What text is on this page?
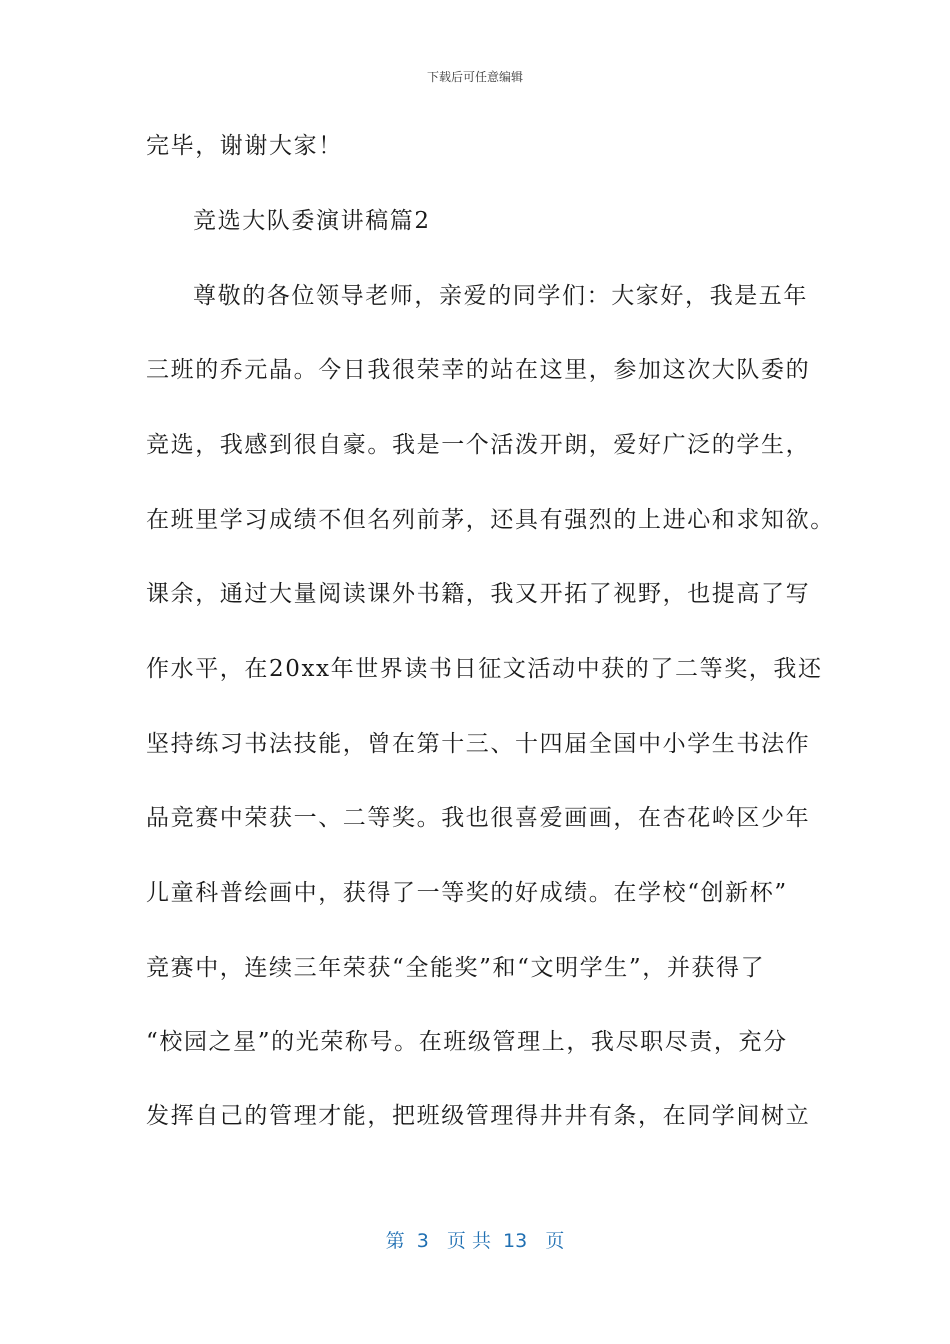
下载后可任意编辑
完毕，谢谢大家！
竞选大队委演讲稿篇2
尊敬的各位领导老师，亲爱的同学们：大家好，我是五年
三班的乔元晶。今日我很荣幸的站在这里，参加这次大队委的
竞选，我感到很自豪。我是一个活泼开朗，爱好广泛的学生，
在班里学习成绩不但名列前茅，还具有强烈的上进心和求知欲。
课余，通过大量阅读课外书籍，我又开拓了视野，也提高了写
作水平，在20xx年世界读书日征文活动中获的了二等奖，我还
坚持练习书法技能，曾在第十三、十四届全国中小学生书法作
品竞赛中荣获一、二等奖。我也很喜爱画画，在杏花岭区少年
儿童科普绘画中，获得了一等奖的好成绩。在学校“创新杯”
竞赛中，连续三年荣获“全能奖”和“文明学生”，并获得了
“校园之星”的光荣称号。在班级管理上，我尽职尽责，充分
发挥自己的管理才能，把班级管理得井井有条，在同学间树立
第  3   页 共  13   页
